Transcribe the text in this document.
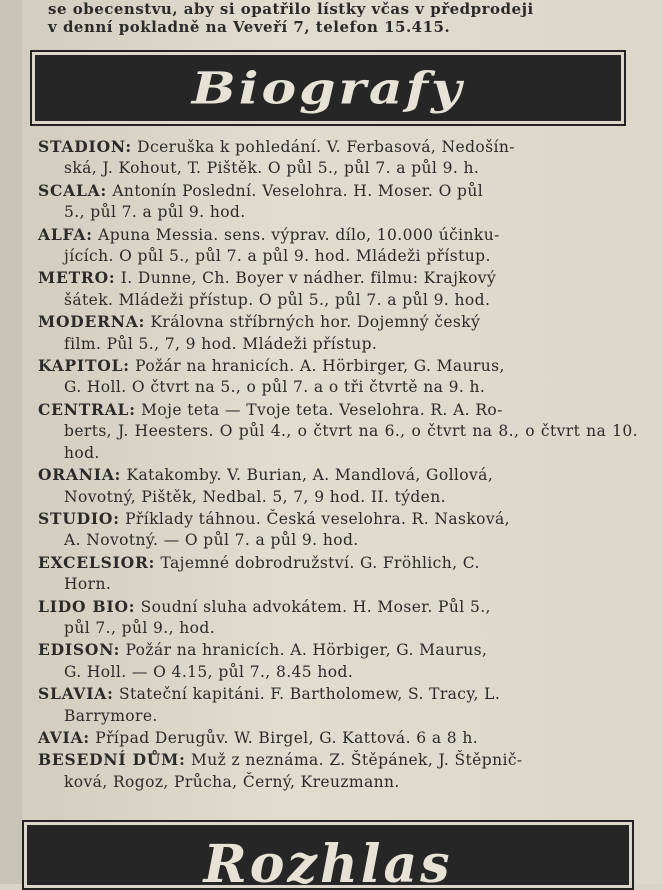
se obecenstvu, aby si opatřilo lístky včas v předprodeji
v denní pokladně na Veveří 7, telefon 15.415.
Biografy

STADION: Dceruška k pohledání. V. Ferbasová, Nedošín-
ská, J. Kohout, T. Pištěk. O půl 5., půl 7. a půl 9. h.

SCALA: Antonín Poslední. Veselohra. H. Moser. O půl
5., půl 7. a půl 9. hod.

ALFA: Apuna Messia. sens. výprav. dílo, 10.000 účinku-
jících. O půl 5., půl 7. a půl 9. hod. Mládeži přístup.

METRO: I. Dunne, Ch. Boyer v nádher. filmu: Krajkový
šátek. Mládeži přístup. O půl 5., půl 7. a půl 9. hod.

MODERNA: Královna stříbrných hor. Dojemný český
film. Půl 5., 7, 9 hod. Mládeži přístup.

KAPITOL: Požár na hranicích. A. Hörbirger, G. Maurus,
G. Holl. O čtvrt na 5., o půl 7. a o tři čtvrtě na 9. h.

CENTRAL: Moje teta — Tvoje teta. Veselohra. R. A. Ro-
berts, J. Heesters. O půl 4., o čtvrt na 6., o čtvrt na 8., o čtvrt na 10. hod.

ORANIA: Katakomby. V. Burian, A. Mandlová, Gollová,
Novotný, Pištěk, Nedbal. 5, 7, 9 hod. II. týden.

STUDIO: Příklady táhnou. Česká veselohra. R. Nasková,
A. Novotný. — O půl 7. a půl 9. hod.

EXCELSIOR: Tajemné dobrodružství. G. Fröhlich, C.
Horn.

LIDO BIO: Soudní sluha advokátem. H. Moser. Půl 5.,
půl 7., půl 9., hod.

EDISON: Požár na hranicích. A. Hörbiger, G. Maurus,
G. Holl. — O 4.15, půl 7., 8.45 hod.

SLAVIA: Stateční kapitáni. F. Bartholomew, S. Tracy, L.
Barrymore.

AVIA: Případ Derugův. W. Birgel, G. Kattová. 6 a 8 h.

BESEDNÍ DŮM: Muž z neznáma. Z. Štěpánek, J. Štěpnič-
ková, Rogoz, Průcha, Černý, Kreuzmann.

Rozhlas
